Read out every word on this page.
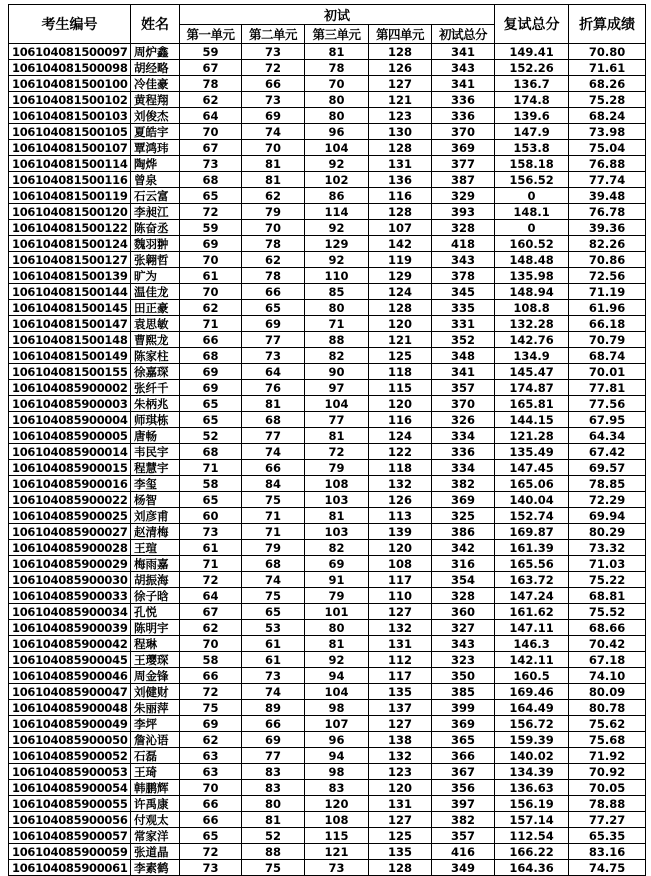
考生编号	姓名	初试					复试总分	折算成绩
		第一单元	第二单元	第三单元	第四单元	初试总分		
106104081500097	周炉鑫	59	73	81	128	341	149.41	70.80
106104081500098	胡经略	67	72	78	126	343	152.26	71.61
106104081500100	冷佳豪	78	66	70	127	341	136.7	68.26
106104081500102	黄程翔	62	73	80	121	336	174.8	75.28
106104081500103	刘俊杰	64	69	80	123	336	139.6	68.24
106104081500105	夏皓宇	70	74	96	130	370	147.9	73.98
106104081500107	覃鸿玮	67	70	104	128	369	153.8	75.04
106104081500114	陶烨	73	81	92	131	377	158.18	76.88
106104081500116	曾泉	68	81	102	136	387	156.52	77.74
106104081500119	石云富	65	62	86	116	329	0	39.48
106104081500120	李昶江	72	79	114	128	393	148.1	76.78
106104081500122	陈奋丞	59	70	92	107	328	0	39.36
106104081500124	魏羽翀	69	78	129	142	418	160.52	82.26
106104081500127	张翱哲	70	62	92	119	343	148.48	70.86
106104081500139	旷为	61	78	110	129	378	135.98	72.56
106104081500144	温佳龙	70	66	85	124	345	148.94	71.19
106104081500145	田正豪	62	65	80	128	335	108.8	61.96
106104081500147	袁思敏	71	69	71	120	331	132.28	66.18
106104081500148	曹熙龙	66	77	88	121	352	142.76	70.79
106104081500149	陈家柱	68	73	82	125	348	134.9	68.74
106104081500155	徐嘉琛	69	64	90	118	341	145.47	70.01
106104085900002	张纤千	69	76	97	115	357	174.87	77.81
106104085900003	朱柄兆	65	81	104	120	370	165.81	77.56
106104085900004	师琪栋	65	68	77	116	326	144.15	67.95
106104085900005	唐畅	52	77	81	124	334	121.28	64.34
106104085900014	韦民宇	68	74	72	122	336	135.49	67.42
106104085900015	程慧宇	71	66	79	118	334	147.45	69.57
106104085900016	李玺	58	84	108	132	382	165.06	78.85
106104085900022	杨智	65	75	103	126	369	140.04	72.29
106104085900025	刘彦甫	60	71	81	113	325	152.74	69.94
106104085900027	赵清梅	73	71	103	139	386	169.87	80.29
106104085900028	王瑄	61	79	82	120	342	161.39	73.32
106104085900029	梅雨嘉	71	68	69	108	316	165.56	71.03
106104085900030	胡振海	72	74	91	117	354	163.72	75.22
106104085900033	徐子晗	64	75	79	110	328	147.24	68.81
106104085900034	孔悦	67	65	101	127	360	161.62	75.52
106104085900039	陈明宇	62	53	80	132	327	147.11	68.66
106104085900042	程琳	70	61	81	131	343	146.3	70.42
106104085900045	王璎琛	58	61	92	112	323	142.11	67.18
106104085900046	周金锋	66	73	94	117	350	160.5	74.10
106104085900047	刘健财	72	74	104	135	385	169.46	80.09
106104085900048	朱丽萍	75	89	98	137	399	164.49	80.78
106104085900049	李坪	69	66	107	127	369	156.72	75.62
106104085900050	詹沁语	62	69	96	138	365	159.39	75.68
106104085900052	石磊	63	77	94	132	366	140.02	71.92
106104085900053	王琦	63	83	98	123	367	134.39	70.92
106104085900054	韩鹏辉	70	83	83	120	356	136.63	70.05
106104085900055	许禹康	66	80	120	131	397	156.19	78.88
106104085900056	付观太	66	81	108	127	382	157.14	77.27
106104085900057	常家洋	65	52	115	125	357	112.54	65.35
106104085900059	张道晶	72	88	121	135	416	166.22	83.16
106104085900061	李素鹤	73	75	73	128	349	164.36	74.75
